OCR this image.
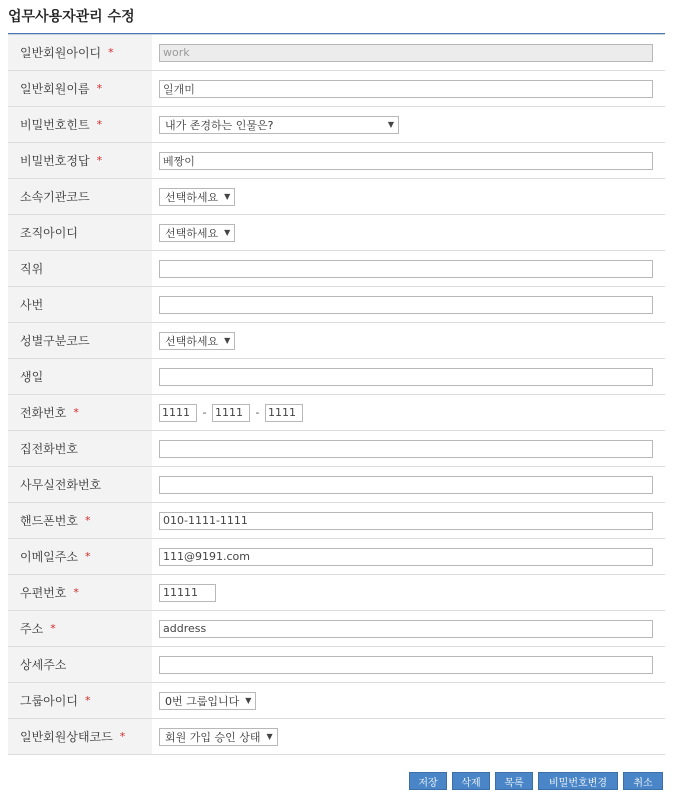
업무사용자관리 수정
일반회원아이디 *	work
일반회원이름 *	일개미
비밀번호힌트 *	내가 존경하는 인물은?	▼
비밀번호정답 *	베짱이
소속기관코드	선택하세요 ▼
조직아이디	선택하세요 ▼
직위
사번
성별구분코드	선택하세요 ▼
생일
전화번호 *	1111	- 1111	- 1111
집전화번호
사무실전화번호
핸드폰번호 *	010-1111-1111
이메일주소 *	111@9191.com
우편번호 *	11111
주소 *	address
상세주소
그룹아이디 *	0번 그룹입니다 ▼
일반회원상태코드 *	회원 가입 승인 상태 ▼
저장	삭제	목록	비밀번호변경	취소
